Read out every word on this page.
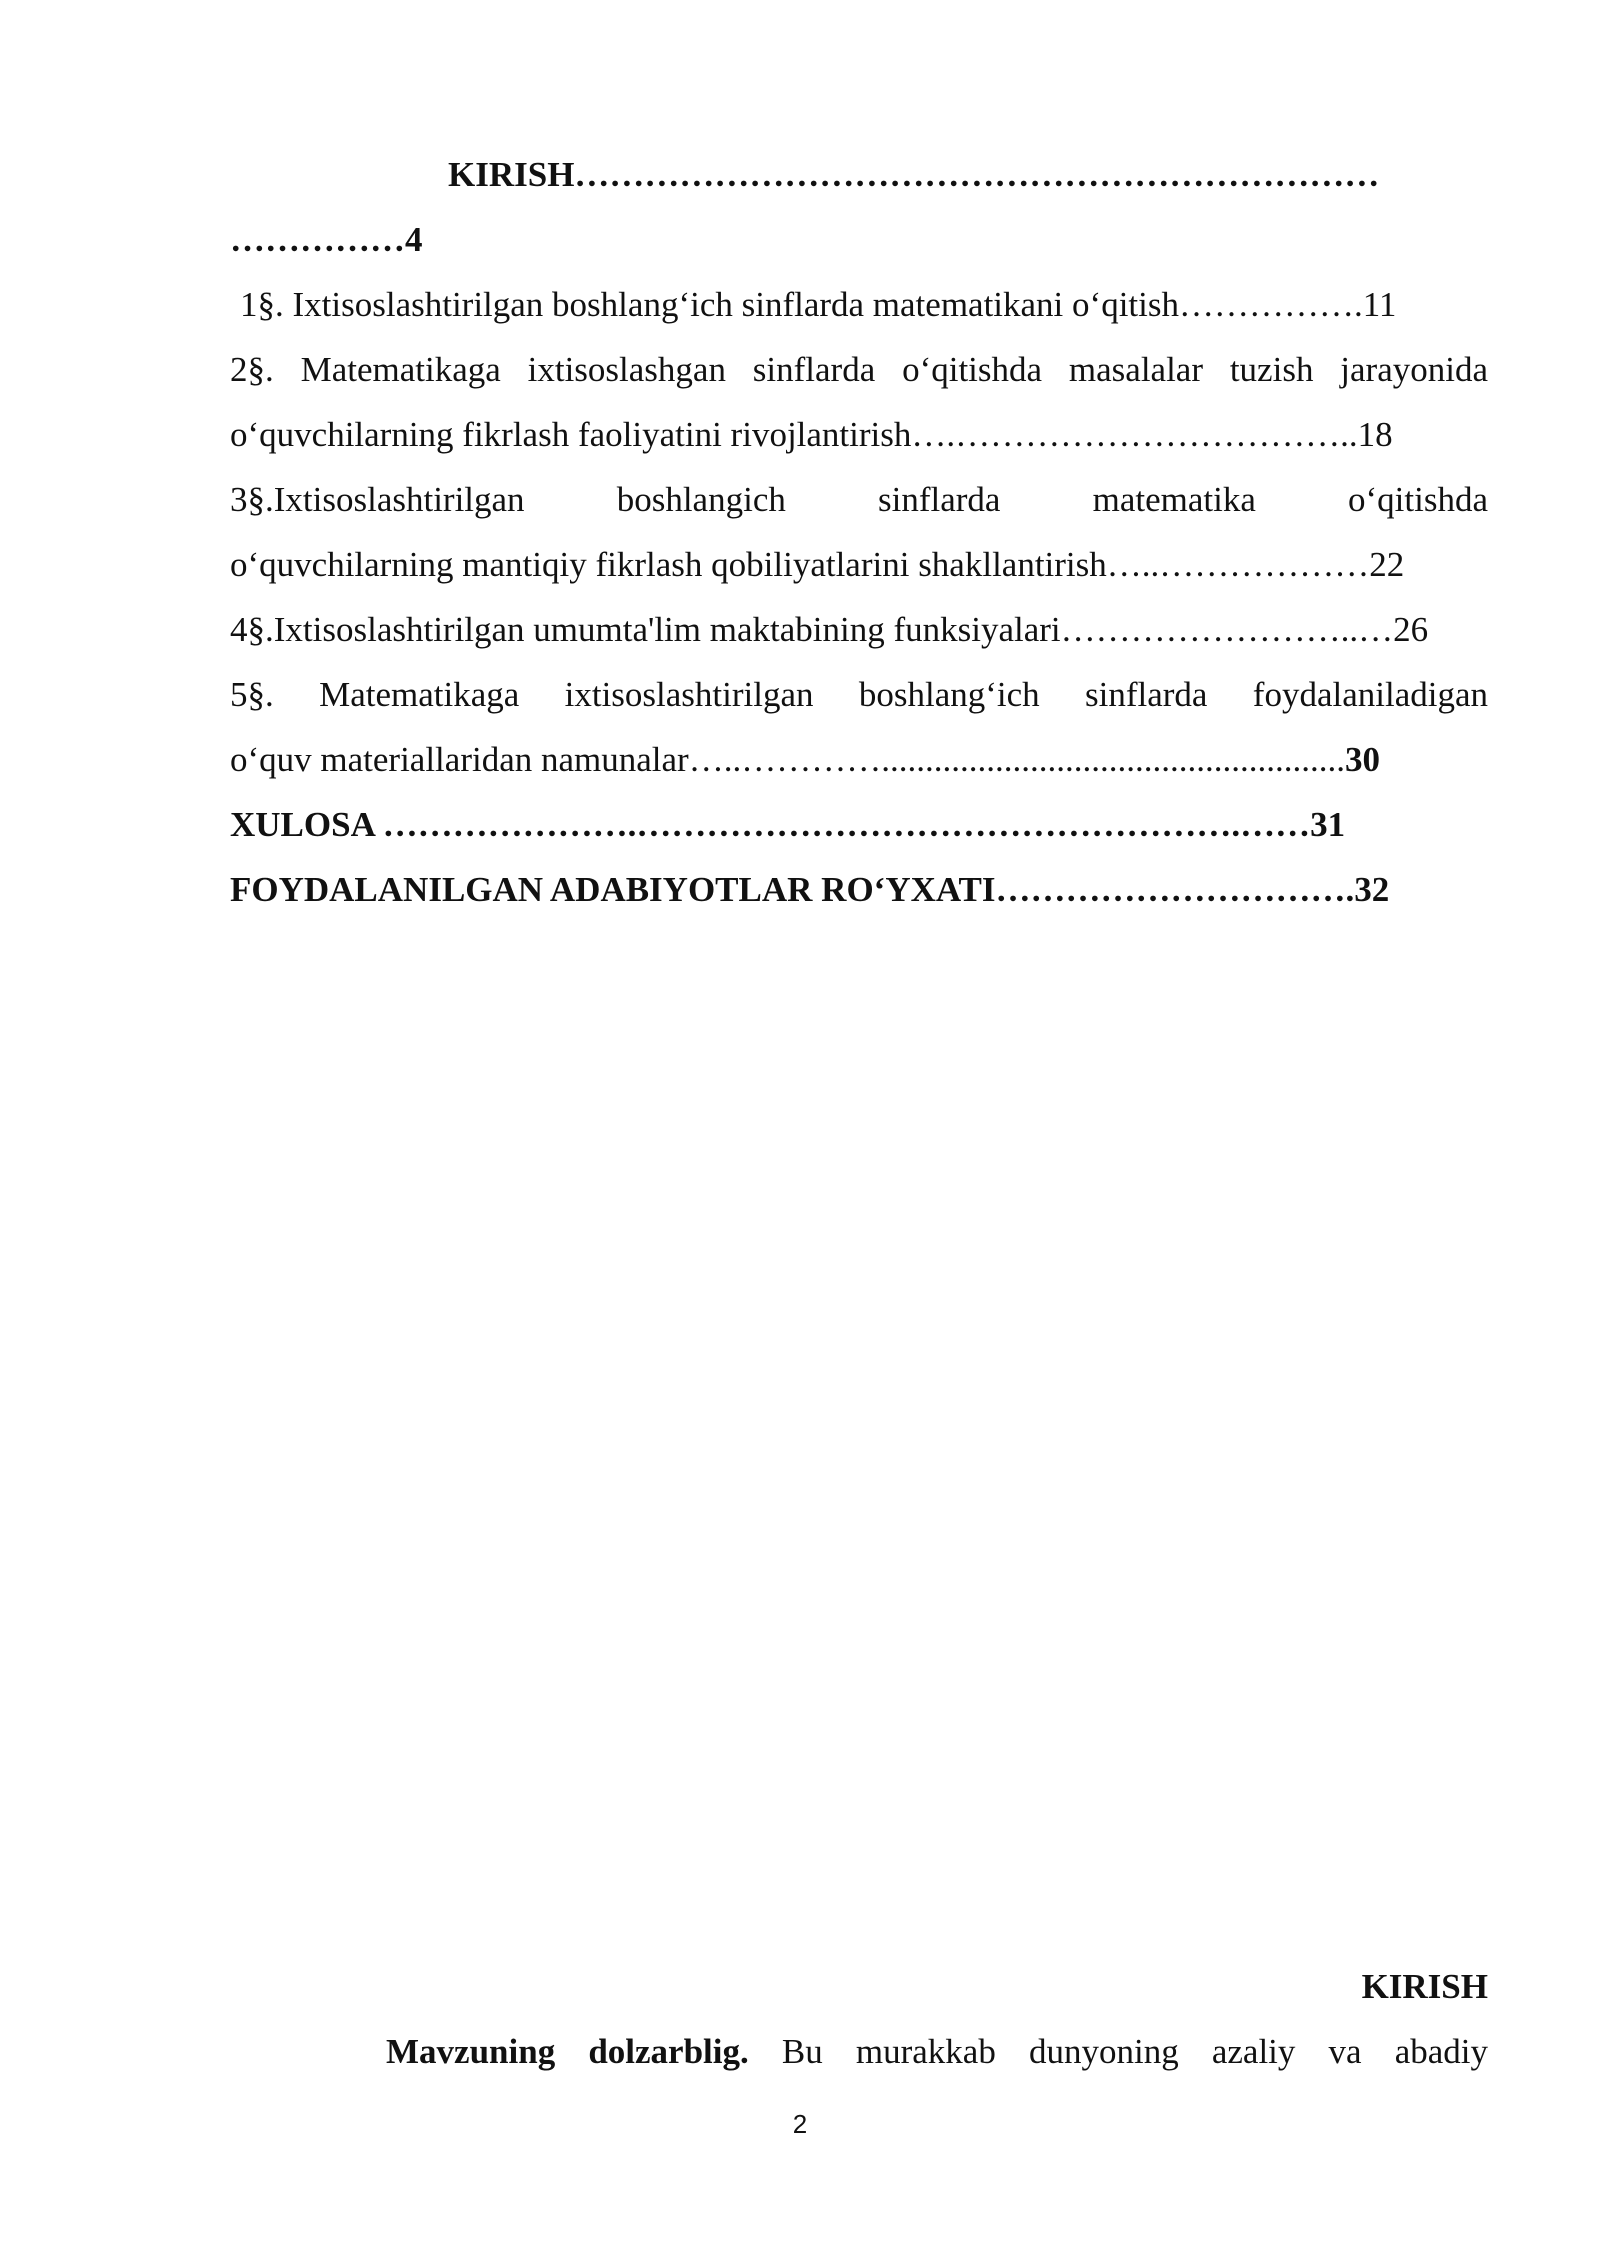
KIRISH……………………………………………………………
……………4
1§. Ixtisoslashtirilgan boshlang‘ich sinflarda matematikani o‘qitish…………….11
2§. Matematikaga ixtisoslashgan sinflarda o‘qitishda masalalar tuzish jarayonida
o‘quvchilarning fikrlash faoliyatini rivojlantirish….……………………………..18
3§.Ixtisoslashtirilgan boshlangich sinflarda matematika o‘qitishda
o‘quvchilarning mantiqiy fikrlash qobiliyatlarini shakllantirish…..………………22
4§.Ixtisoslashtirilgan umumta'lim maktabining funksiyalari……………………..…26
5§. Matematikaga ixtisoslashtirilgan boshlang‘ich sinflarda foydalaniladigan
o‘quv materiallaridan namunalar…..………….....................................................30
XULOSA ………………….…………………………………………….……31
FOYDALANILGAN ADABIYOTLAR RO‘YXATI………………………….32
KIRISH
Mavzuning dolzarblig. Bu murakkab dunyoning azaliy va abadiy
2
